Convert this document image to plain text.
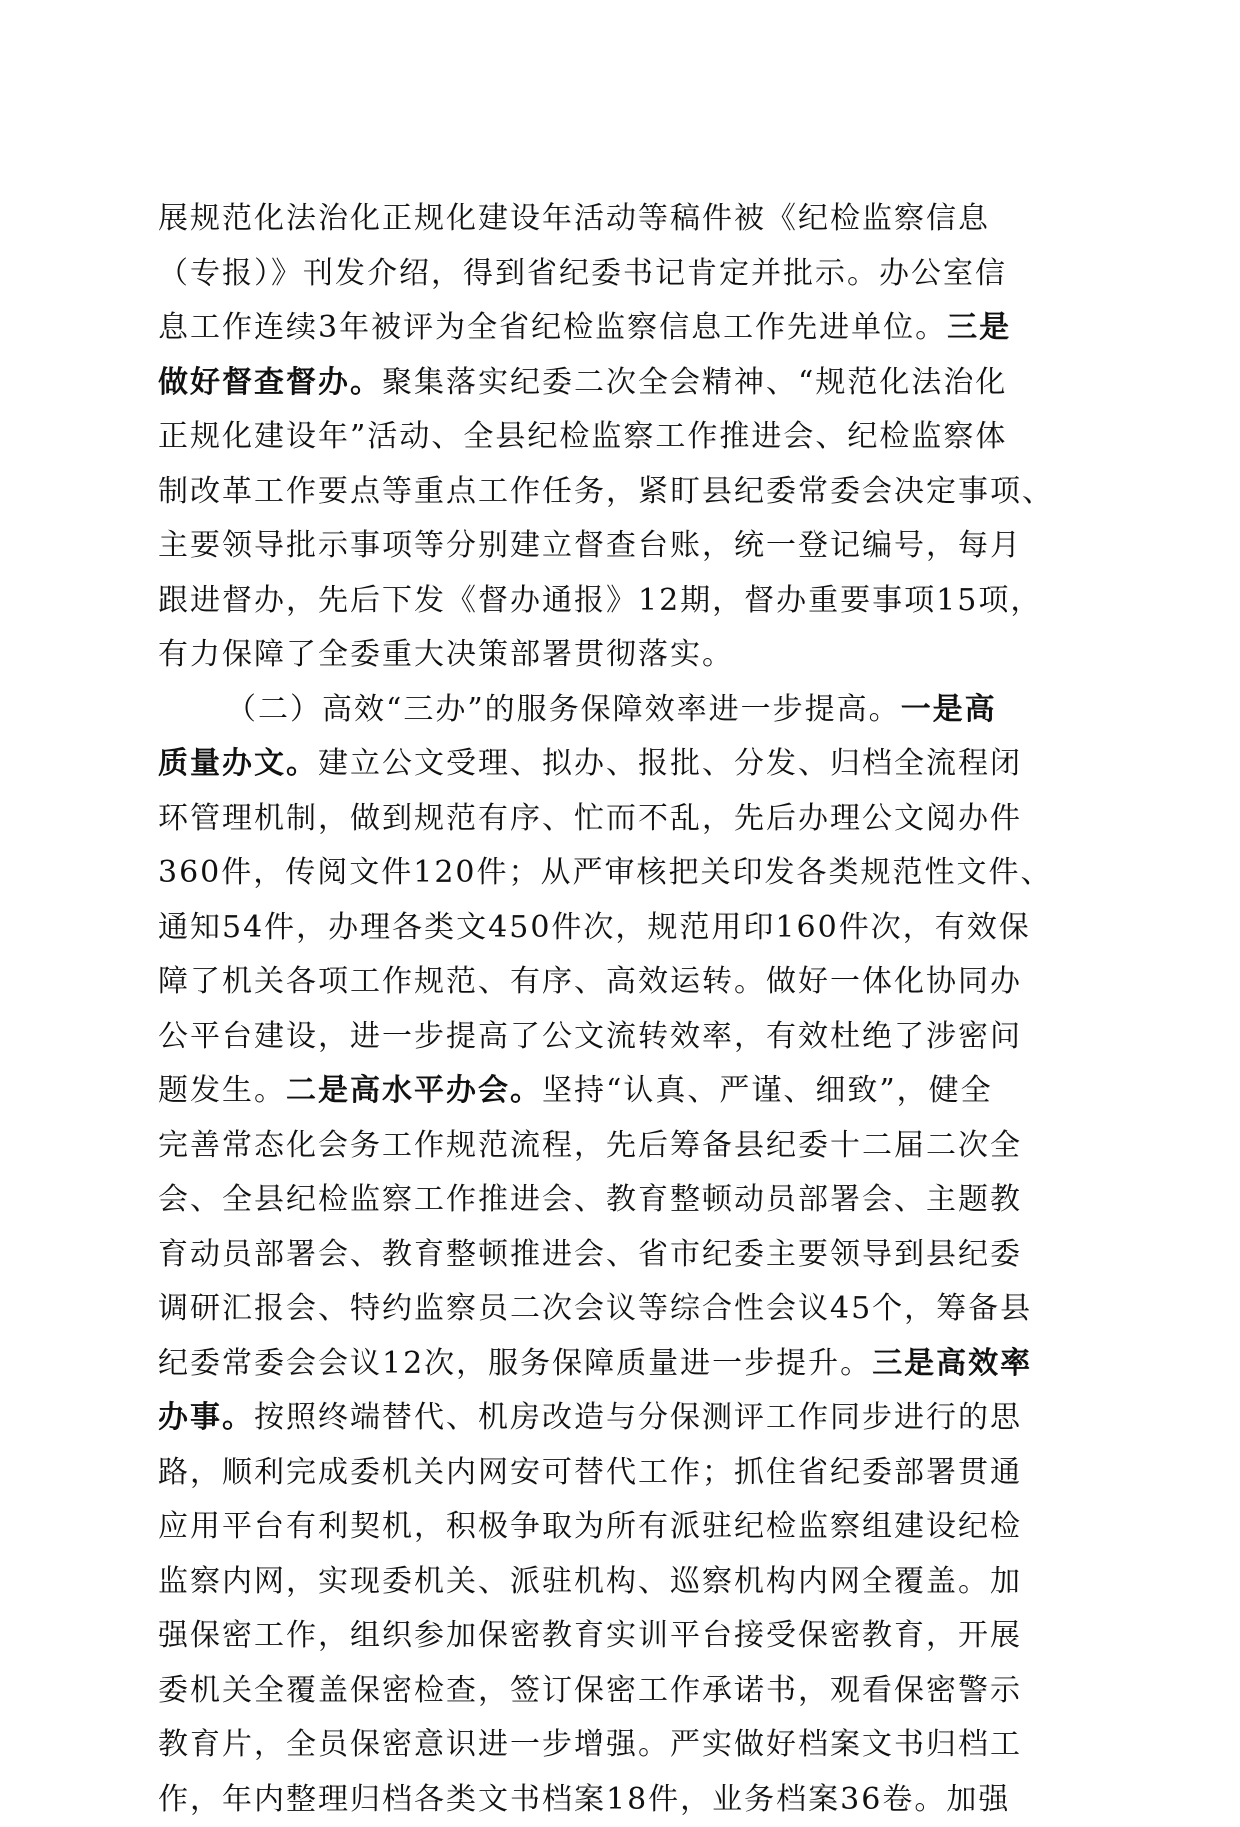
展规范化法治化正规化建设年活动等稿件被《纪检监察信息
（专报）》刊发介绍，得到省纪委书记肯定并批示。办公室信
息工作连续3年被评为全省纪检监察信息工作先进单位。三是
做好督查督办。聚集落实纪委二次全会精神、“规范化法治化
正规化建设年”活动、全县纪检监察工作推进会、纪检监察体
制改革工作要点等重点工作任务，紧盯县纪委常委会决定事项、
主要领导批示事项等分别建立督查台账，统一登记编号，每月
跟进督办，先后下发《督办通报》12期，督办重要事项15项，
有力保障了全委重大决策部署贯彻落实。
（二）高效“三办”的服务保障效率进一步提高。一是高
质量办文。建立公文受理、拟办、报批、分发、归档全流程闭
环管理机制，做到规范有序、忙而不乱，先后办理公文阅办件
360件，传阅文件120件；从严审核把关印发各类规范性文件、
通知54件，办理各类文450件次，规范用印160件次，有效保
障了机关各项工作规范、有序、高效运转。做好一体化协同办
公平台建设，进一步提高了公文流转效率，有效杜绝了涉密问
题发生。二是高水平办会。坚持“认真、严谨、细致”，健全
完善常态化会务工作规范流程，先后筹备县纪委十二届二次全
会、全县纪检监察工作推进会、教育整顿动员部署会、主题教
育动员部署会、教育整顿推进会、省市纪委主要领导到县纪委
调研汇报会、特约监察员二次会议等综合性会议45个，筹备县
纪委常委会会议12次，服务保障质量进一步提升。三是高效率
办事。按照终端替代、机房改造与分保测评工作同步进行的思
路，顺利完成委机关内网安可替代工作；抓住省纪委部署贯通
应用平台有利契机，积极争取为所有派驻纪检监察组建设纪检
监察内网，实现委机关、派驻机构、巡察机构内网全覆盖。加
强保密工作，组织参加保密教育实训平台接受保密教育，开展
委机关全覆盖保密检查，签订保密工作承诺书，观看保密警示
教育片，全员保密意识进一步增强。严实做好档案文书归档工
作，年内整理归档各类文书档案18件，业务档案36卷。加强
